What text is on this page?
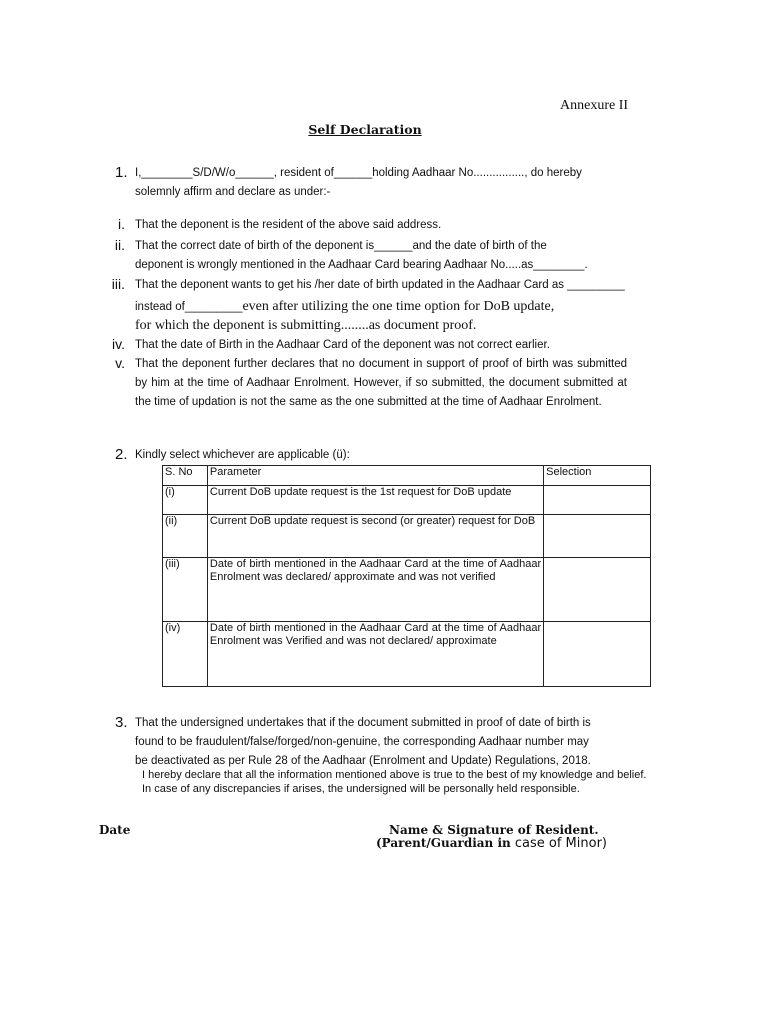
Annexure II
Self Declaration
1. I,________S/D/W/o______, resident of______holding Aadhaar No................, do hereby
solemnly affirm and declare as under:-
i. That the deponent is the resident of the above said address.
ii. That the correct date of birth of the deponent is______and the date of birth of the
deponent is wrongly mentioned in the Aadhaar Card bearing Aadhaar No.....as________.
iii. That the deponent wants to get his /her date of birth updated in the Aadhaar Card as _________
instead of_________even after utilizing the one time option for DoB update,
for which the deponent is submitting........as document proof.
iv. That the date of Birth in the Aadhaar Card of the deponent was not correct earlier.
v. That the deponent further declares that no document in support of proof of birth was submitted by him at the time of Aadhaar Enrolment. However, if so submitted, the document submitted at the time of updation is not the same as the one submitted at the time of Aadhaar Enrolment.
2. Kindly select whichever are applicable (ü):
S. No	Parameter	Selection
(i)	Current DoB update request is the 1st request for DoB update	
(ii)	Current DoB update request is second (or greater) request for DoB	
(iii)	Date of birth mentioned in the Aadhaar Card at the time of Aadhaar Enrolment was declared/ approximate and was not verified	
(iv)	Date of birth mentioned in the Aadhaar Card at the time of Aadhaar Enrolment was Verified and was not declared/ approximate	
3. That the undersigned undertakes that if the document submitted in proof of date of birth is
found to be fraudulent/false/forged/non-genuine, the corresponding Aadhaar number may
be deactivated as per Rule 28 of the Aadhaar (Enrolment and Update) Regulations, 2018.
I hereby declare that all the information mentioned above is true to the best of my knowledge and belief. In case of any discrepancies if arises, the undersigned will be personally held responsible.
Date	Name & Signature of Resident.
(Parent/Guardian in case of Minor)
